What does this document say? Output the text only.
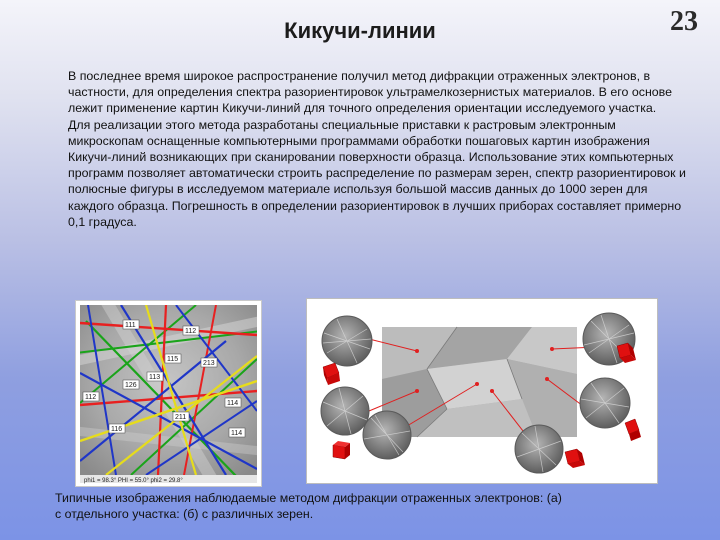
Кикучи-линии	23

В последнее время широкое распространение получил метод дифракции отраженных электронов, в частности, для определения спектра разориентировок ультрамелкозернистых материалов. В его основе лежит применение картин Кикучи-линий для точного определения ориентации исследуемого участка.

Для реализации этого метода разработаны специальные приставки к растровым электронным микроскопам оснащенные компьютерными программами обработки пошаговых картин изображения Кикучи-линий возникающих при сканировании поверхности образца. Использование этих компьютерных программ позволяет автоматически строить распределение по размерам зерен, спектр разориентировок и полюсные фигуры в исследуемом материале используя большой массив данных до 1000 зерен для каждого образца. Погрешность в определении разориентировок в лучших приборах составляет примерно 0,1 градуса.

111
112
115
113
213
126
112
211
114
116
114
phi1 = 98.3° PHI = 55.0° phi2 = 29.8°

Типичные изображения наблюдаемые методом дифракции отраженных электронов: (а)

с отдельного участка: (б) с различных зерен.
